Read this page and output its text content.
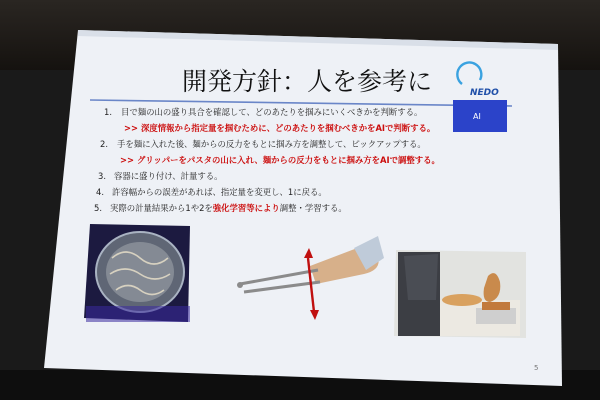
開発方針：人を参考に	NEDO
AI
1. 目で麺の山の盛り具合を確認して、どのあたりを掴みにいくべきかを判断する。
>> 深度情報から指定量を掴むために、どのあたりを掴むべきかをAIで判断する。
2. 手を麺に入れた後、麺からの反力をもとに掴み方を調整して、ピックアップする。
>> グリッパーをパスタの山に入れ、麺からの反力をもとに掴み方をAIで調整する。
3. 容器に盛り付け、計量する。
4. 許容幅からの誤差があれば、指定量を変更し、1に戻る。
5. 実際の計量結果から1や2を強化学習等により調整・学習する。
5
